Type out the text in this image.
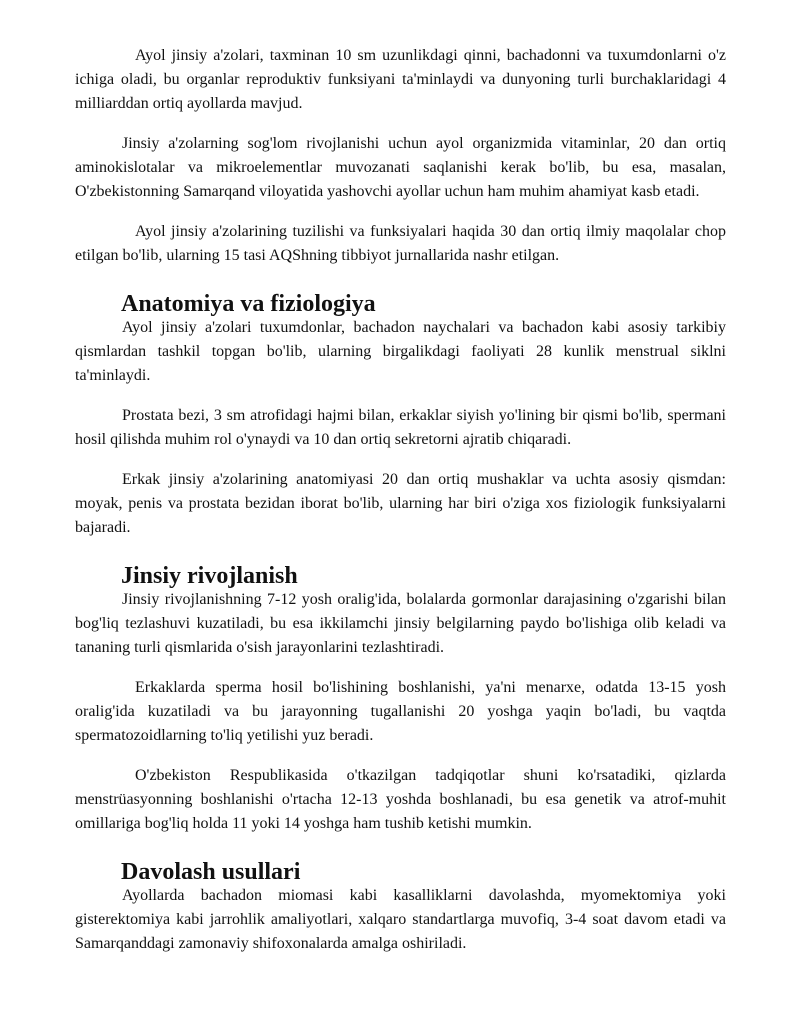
Ayol jinsiy a'zolari, taxminan 10 sm uzunlikdagi qinni, bachadonni va tuxumdonlarni o'z ichiga oladi, bu organlar reproduktiv funksiyani ta'minlaydi va dunyoning turli burchaklaridagi 4 milliarddan ortiq ayollarda mavjud.

Jinsiy a'zolarning sog'lom rivojlanishi uchun ayol organizmida vitaminlar, 20 dan ortiq aminokislotalar va mikroelementlar muvozanati saqlanishi kerak bo'lib, bu esa, masalan, O'zbekistonning Samarqand viloyatida yashovchi ayollar uchun ham muhim ahamiyat kasb etadi.

Ayol jinsiy a'zolarining tuzilishi va funksiyalari haqida 30 dan ortiq ilmiy maqolalar chop etilgan bo'lib, ularning 15 tasi AQShning tibbiyot jurnallarida nashr etilgan.

Anatomiya va fiziologiya

Ayol jinsiy a'zolari tuxumdonlar, bachadon naychalari va bachadon kabi asosiy tarkibiy qismlardan tashkil topgan bo'lib, ularning birgalikdagi faoliyati 28 kunlik menstrual siklni ta'minlaydi.

Prostata bezi, 3 sm atrofidagi hajmi bilan, erkaklar siyish yo'lining bir qismi bo'lib, spermani hosil qilishda muhim rol o'ynaydi va 10 dan ortiq sekretorni ajratib chiqaradi.

Erkak jinsiy a'zolarining anatomiyasi 20 dan ortiq mushaklar va uchta asosiy qismdan: moyak, penis va prostata bezidan iborat bo'lib, ularning har biri o'ziga xos fiziologik funksiyalarni bajaradi.

Jinsiy rivojlanish

Jinsiy rivojlanishning 7-12 yosh oralig'ida, bolalarda gormonlar darajasining o'zgarishi bilan bog'liq tezlashuvi kuzatiladi, bu esa ikkilamchi jinsiy belgilarning paydo bo'lishiga olib keladi va tananing turli qismlarida o'sish jarayonlarini tezlashtiradi.

Erkaklarda sperma hosil bo'lishining boshlanishi, ya'ni menarxe, odatda 13-15 yosh oralig'ida kuzatiladi va bu jarayonning tugallanishi 20 yoshga yaqin bo'ladi, bu vaqtda spermatozoidlarning to'liq yetilishi yuz beradi.

O'zbekiston Respublikasida o'tkazilgan tadqiqotlar shuni ko'rsatadiki, qizlarda menstrüasyonning boshlanishi o'rtacha 12-13 yoshda boshlanadi, bu esa genetik va atrof-muhit omillariga bog'liq holda 11 yoki 14 yoshga ham tushib ketishi mumkin.

Davolash usullari

Ayollarda bachadon miomasi kabi kasalliklarni davolashda, myomektomiya yoki gisterektomiya kabi jarrohlik amaliyotlari, xalqaro standartlarga muvofiq, 3-4 soat davom etadi va Samarqanddagi zamonaviy shifoxonalarda amalga oshiriladi.
